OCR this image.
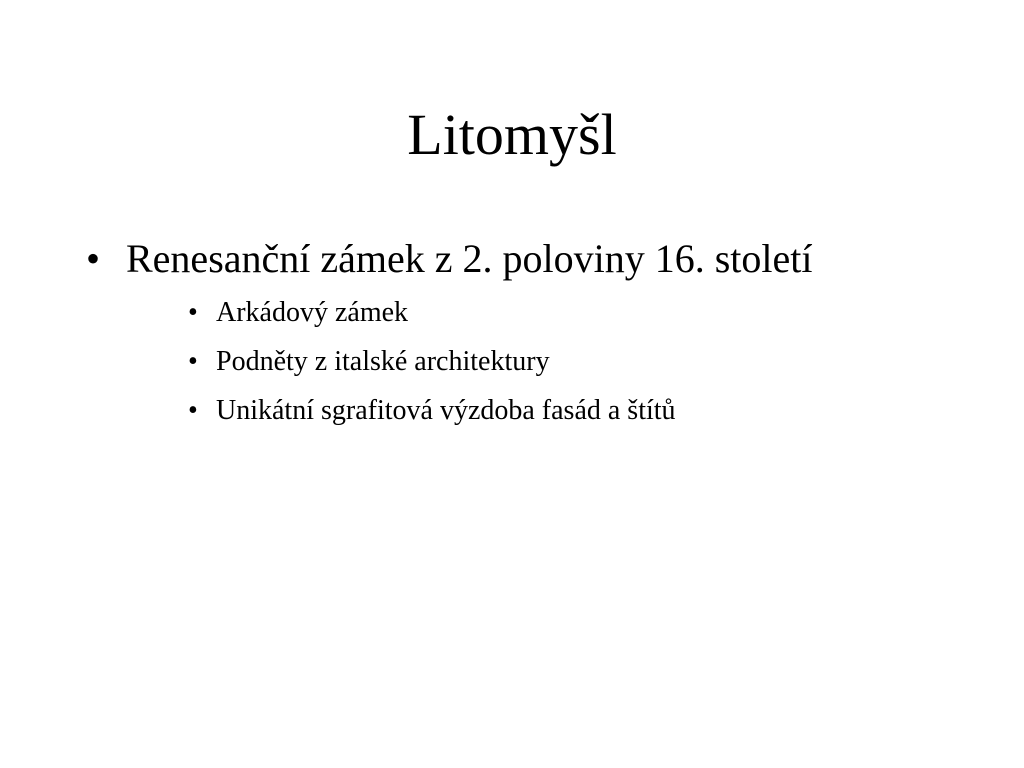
Litomyšl
• Renesanční zámek z 2. poloviny 16. století
• Arkádový zámek
• Podněty z italské architektury
• Unikátní sgrafitová výzdoba fasád a štítů
